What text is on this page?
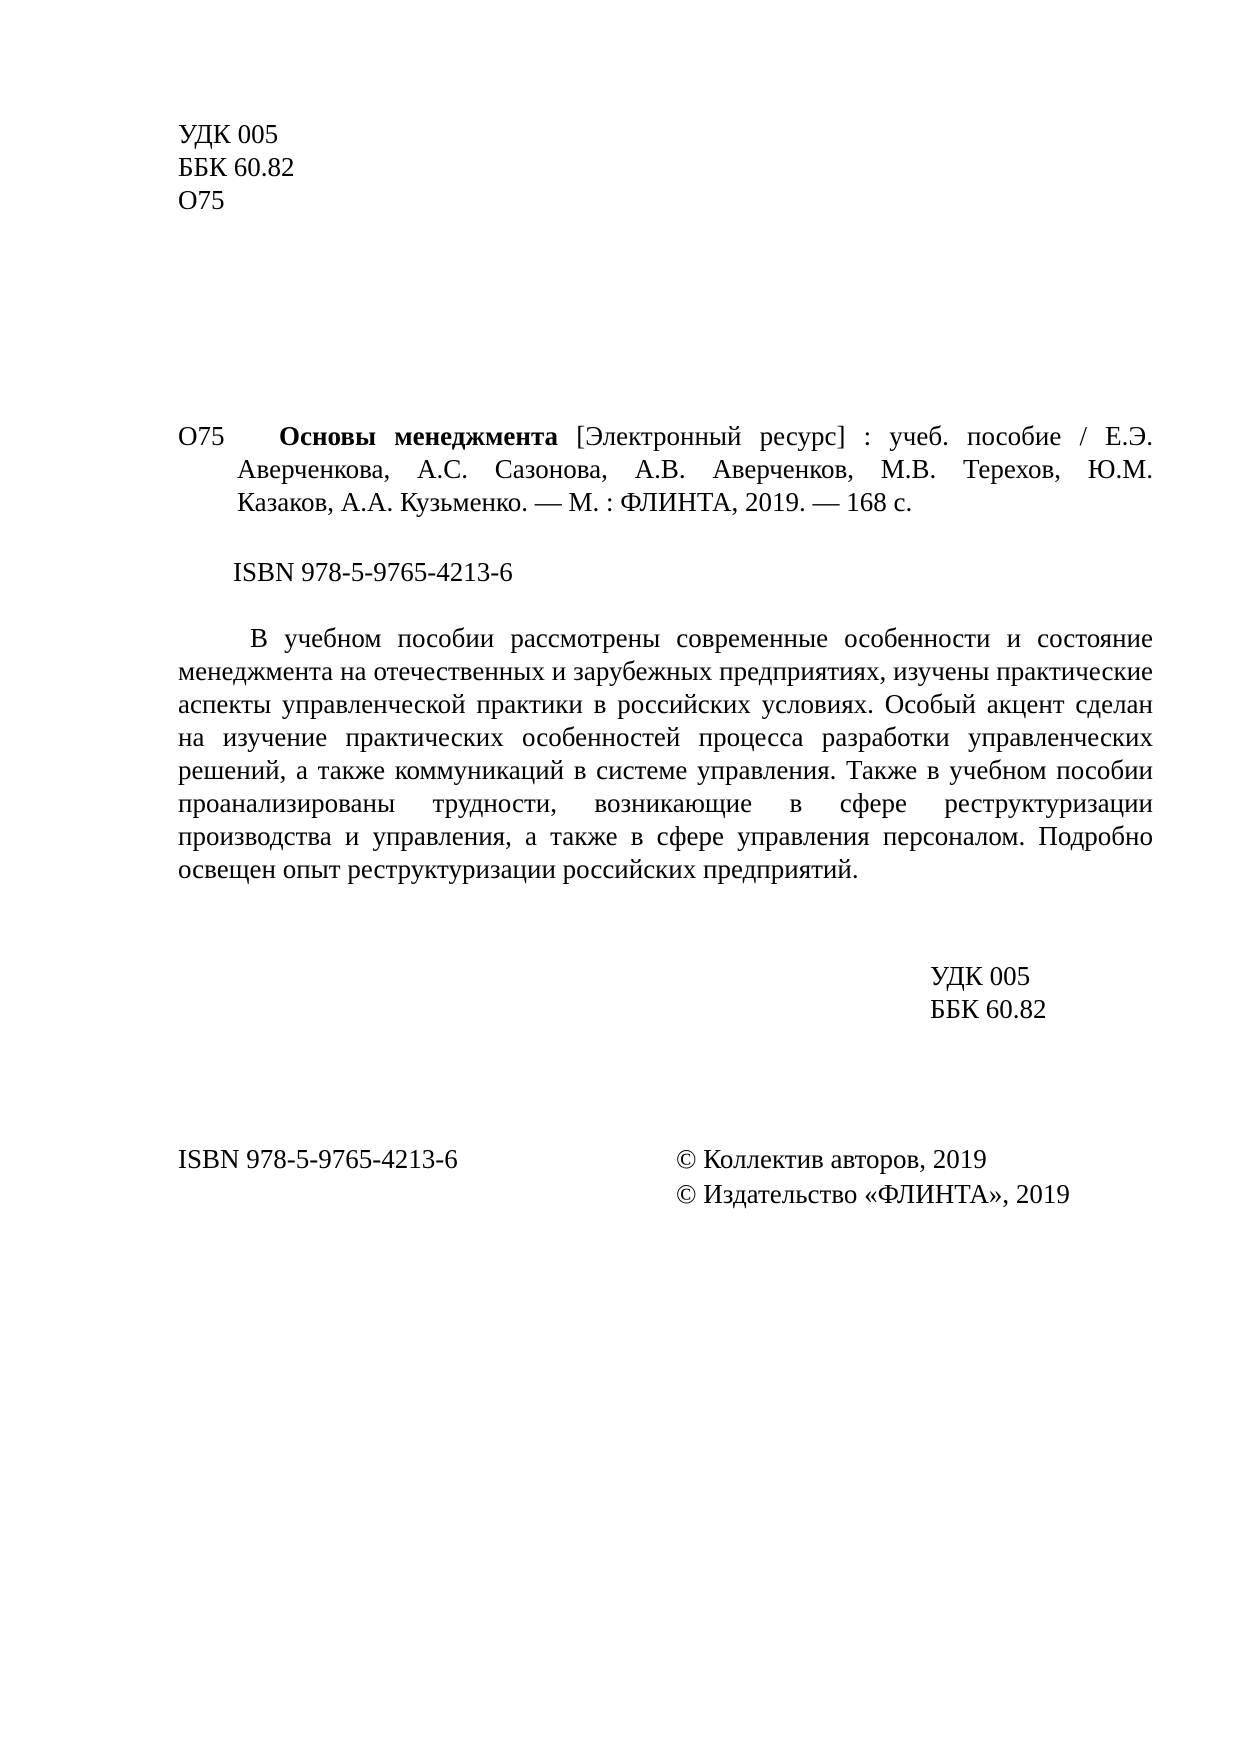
УДК 005
ББК 60.82
О75
О75 Основы менеджмента [Электронный ресурс] : учеб. пособие / Е.Э.
Аверченкова, А.С. Сазонова, А.В. Аверченков, М.В. Терехов, Ю.М.
Казаков, А.А. Кузьменко. — М. : ФЛИНТА, 2019. — 168 с.
ISBN 978-5-9765-4213-6
В учебном пособии рассмотрены современные особенности и состояние менеджмента на отечественных и зарубежных предприятиях, изучены практические аспекты управленческой практики в российских условиях. Особый акцент сделан на изучение практических особенностей процесса разработки управленческих решений, а также коммуникаций в системе управления. Также в учебном пособии проанализированы трудности, возникающие в сфере реструктуризации производства и управления, а также в сфере управления персоналом. Подробно освещен опыт реструктуризации российских предприятий.
УДК 005
ББК 60.82
ISBN 978-5-9765-4213-6	© Коллектив авторов, 2019
© Издательство «ФЛИНТА», 2019
